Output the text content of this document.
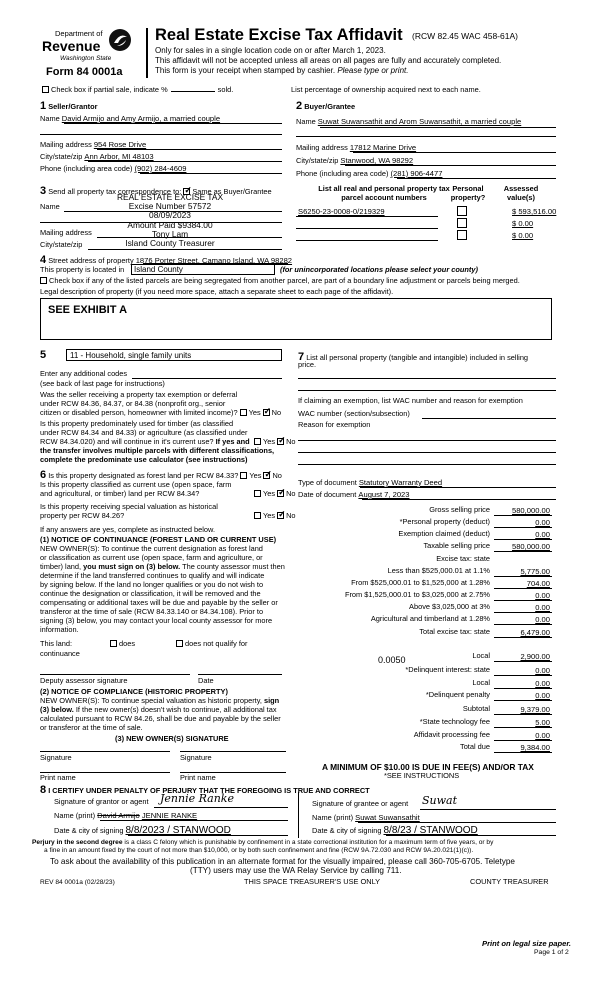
Department of
Revenue
Washington State
Form 84 0001a
Real Estate Excise Tax Affidavit (RCW 82.45 WAC 458-61A)
Only for sales in a single location code on or after March 1, 2023.
This affidavit will not be accepted unless all areas on all pages are fully and accurately completed.
This form is your receipt when stamped by cashier. Please type or print.
Check box if partial sale, indicate %	sold.	List percentage of ownership acquired next to each name.
1 Seller/Grantor
Name David Armijo and Amy Armijo, a married couple
Mailing address 954 Rose Drive
City/state/zip Ann Arbor, MI 48103
Phone (including area code) (902) 284-4609
2 Buyer/Grantee
Name Suwat Suwansathit and Arom Suwansathit, a married couple
Mailing address 17812 Marine Drive
City/state/zip Stanwood, WA 98292
Phone (including area code) (281) 906-4477
3 Send all property tax correspondence to: ✓ Same as Buyer/Grantee
Name
Mailing address
City/state/zip
REAL ESTATE EXCISE TAX
Excise Number 57572
08/09/2023
Amount Paid $9384.00
Tony Lam
Island County Treasurer
List all real and personal property tax
parcel account numbers
Personal
property?
Assessed
value(s)
S6250-23-0008-0/219329	$ 593,516.00
$ 0.00
$ 0.00
4 Street address of property 1876 Porter Street, Camano Island, WA 98282
This property is located in	Island County	(for unincorporated locations please select your county)
Check box if any of the listed parcels are being segregated from another parcel, are part of a boundary line adjustment or parcels being merged.
Legal description of property (if you need more space, attach a separate sheet to each page of the affidavit).
SEE EXHIBIT A
5	11 - Household, single family units
Enter any additional codes
(see back of last page for instructions)
Was the seller receiving a property tax exemption or deferral
under RCW 84.36, 84.37, or 84.38 (nonprofit org., senior
citizen or disabled person, homeowner with limited income)? Yes ✓ No
Is this property predominately used for timber (as classified
under RCW 84.34 and 84.33) or agriculture (as classified under
RCW 84.34.020) and will continue in it's current use? If yes and	Yes ✓ No
the transfer involves multiple parcels with different classifications,
complete the predominate use calculator (see instructions)
6 Is this property designated as forest land per RCW 84.33? Yes ✓ No
Is this property classified as current use (open space, farm
and agricultural, or timber) land per RCW 84.34?	Yes ✓ No
Is this property receiving special valuation as historical
property per RCW 84.26?	Yes ✓ No
If any answers are yes, complete as instructed below.
(1) NOTICE OF CONTINUANCE (FOREST LAND OR CURRENT USE)
NEW OWNER(S): To continue the current designation as forest land
or classification as current use (open space, farm and agriculture, or
timber) land, you must sign on (3) below. The county assessor must then
determine if the land transferred continues to qualify and will indicate
by signing below. If the land no longer qualifies or you do not wish to
continue the designation or classification, it will be removed and the
compensating or additional taxes will be due and payable by the seller or
transferor at the time of sale (RCW 84.33.140 or 84.34.108). Prior to
signing (3) below, you may contact your local county assessor for more
information.
This land:	does	does not qualify for
continuance
Deputy assessor signature	Date
(2) NOTICE OF COMPLIANCE (HISTORIC PROPERTY)
NEW OWNER(S): To continue special valuation as historic property, sign
(3) below. If the new owner(s) doesn't wish to continue, all additional tax
calculated pursuant to RCW 84.26, shall be due and payable by the seller
or transferor at the time of sale.
(3) NEW OWNER(S) SIGNATURE
Signature	Signature
Print name	Print name
7 List all personal property (tangible and intangible) included in selling
price.
If claiming an exemption, list WAC number and reason for exemption
WAC number (section/subsection)
Reason for exemption
Type of document Statutory Warranty Deed
Date of document August 7, 2023
Gross selling price	580,000.00
*Personal property (deduct)	0.00
Exemption claimed (deduct)	0.00
Taxable selling price	580,000.00
Excise tax: state
Less than $525,000.01 at 1.1%	5,775.00
From $525,000.01 to $1,525,000 at 1.28%	704.00
From $1,525,000.01 to $3,025,000 at 2.75%	0.00
Above $3,025,000 at 3%	0.00
Agricultural and timberland at 1.28%	0.00
Total excise tax: state	6,479.00
Local	2,900.00
*Delinquent interest: state	0.00
Local	0.00
*Delinquent penalty	0.00
Subtotal	9,379.00
*State technology fee	5.00
Affidavit processing fee	0.00
Total due	9,384.00
0.0050
A MINIMUM OF $10.00 IS DUE IN FEE(S) AND/OR TAX
*SEE INSTRUCTIONS
8 I CERTIFY UNDER PENALTY OF PERJURY THAT THE FOREGOING IS TRUE AND CORRECT
Signature of grantor or agent Jennie Ranke
Name (print) David Armijo JENNIE RANKE
Date & city of signing 8/8/2023 / STANWOOD
Signature of grantee or agent Suwat
Name (print) Suwat Suwansathit
Date & city of signing 8/8/23 / STANWOOD
Perjury in the second degree is a class C felony which is punishable by confinement in a state correctional institution for a maximum term of five years, or by
a fine in an amount fixed by the court of not more than $10,000, or by both such confinement and fine (RCW 9A.72.030 and RCW 9A.20.021(1)(c)).
To ask about the availability of this publication in an alternate format for the visually impaired, please call 360-705-6705. Teletype
(TTY) users may use the WA Relay Service by calling 711.
REV 84 0001a (02/28/23)	THIS SPACE TREASURER'S USE ONLY	COUNTY TREASURER
Print on legal size paper.
Page 1 of 2
